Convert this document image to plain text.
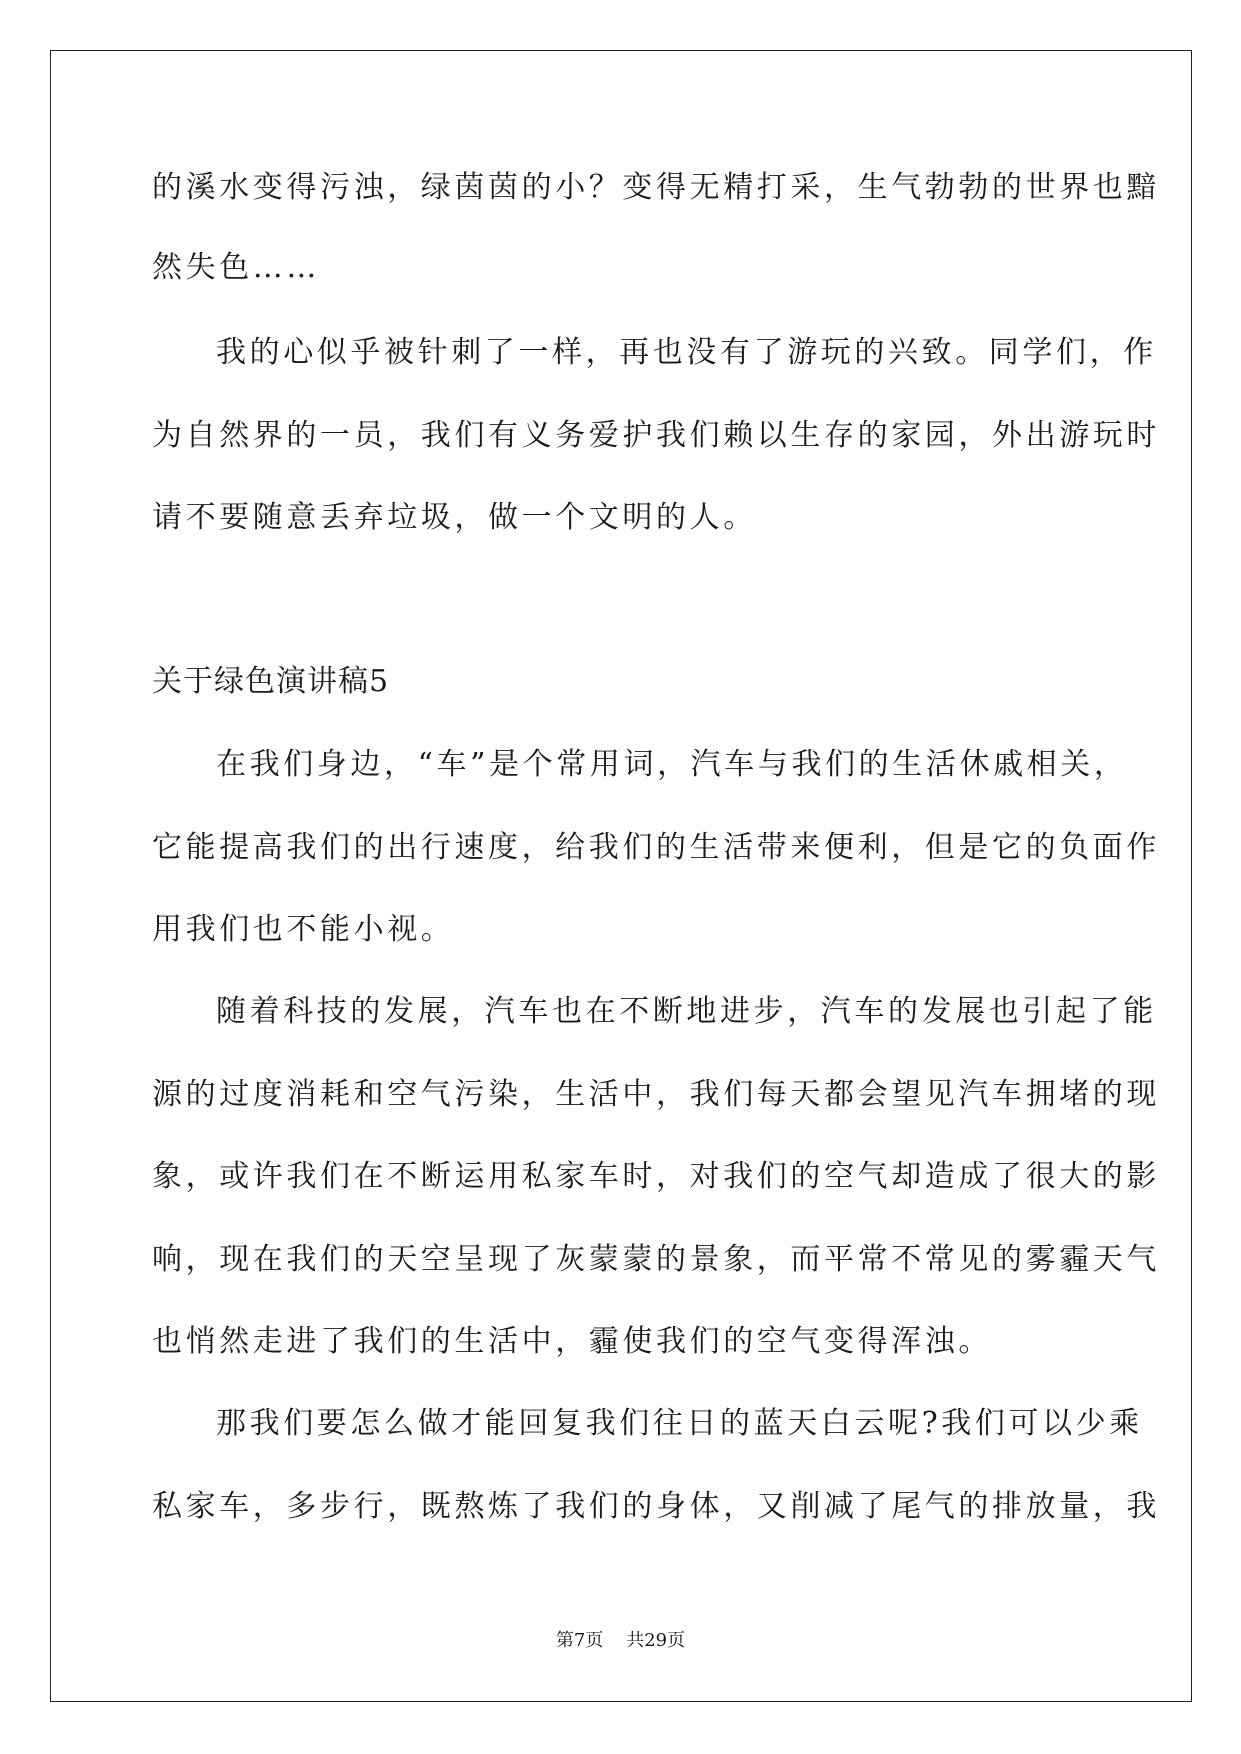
的溪水变得污浊，绿茵茵的小？变得无精打采，生气勃勃的世界也黯
然失色……
我的心似乎被针刺了一样，再也没有了游玩的兴致。同学们，作
为自然界的一员，我们有义务爱护我们赖以生存的家园，外出游玩时
请不要随意丢弃垃圾，做一个文明的人。
关于绿色演讲稿5
在我们身边，“车”是个常用词，汽车与我们的生活休戚相关，
它能提高我们的出行速度，给我们的生活带来便利，但是它的负面作
用我们也不能小视。
随着科技的发展，汽车也在不断地进步，汽车的发展也引起了能
源的过度消耗和空气污染，生活中，我们每天都会望见汽车拥堵的现
象，或许我们在不断运用私家车时，对我们的空气却造成了很大的影
响，现在我们的天空呈现了灰蒙蒙的景象，而平常不常见的雾霾天气
也悄然走进了我们的生活中，霾使我们的空气变得浑浊。
那我们要怎么做才能回复我们往日的蓝天白云呢?我们可以少乘
私家车，多步行，既熬炼了我们的身体，又削减了尾气的排放量，我
第7页 共29页
